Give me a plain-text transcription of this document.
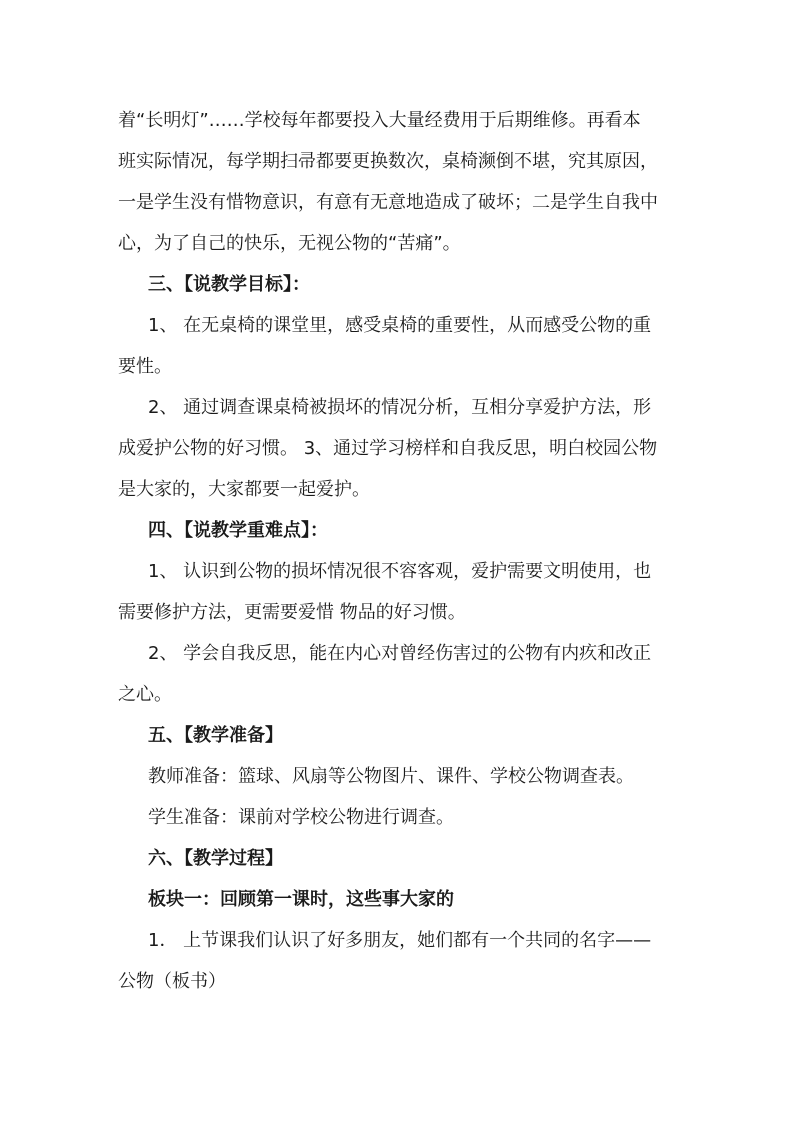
着“长明灯”……学校每年都要投入大量经费用于后期维修。再看本

班实际情况，每学期扫帚都要更换数次，桌椅濒倒不堪，究其原因，

一是学生没有惜物意识，有意有无意地造成了破坏；二是学生自我中

心，为了自己的快乐，无视公物的“苦痛”。

三、【说教学目标】：

1、 在无桌椅的课堂里，感受桌椅的重要性，从而感受公物的重

要性。

2、 通过调查课桌椅被损坏的情况分析，互相分享爱护方法，形

成爱护公物的好习惯。 3、通过学习榜样和自我反思，明白校园公物

是大家的，大家都要一起爱护。

四、【说教学重难点】：

1、 认识到公物的损坏情况很不容客观，爱护需要文明使用，也

需要修护方法，更需要爱惜 物品的好习惯。

2、 学会自我反思，能在内心对曾经伤害过的公物有内疚和改正

之心。

五、【教学准备】

教师准备：篮球、风扇等公物图片、课件、学校公物调查表。

学生准备：课前对学校公物进行调查。

六、【教学过程】

板块一：回顾第一课时，这些事大家的

1． 上节课我们认识了好多朋友，她们都有一个共同的名字——

公物（板书）
